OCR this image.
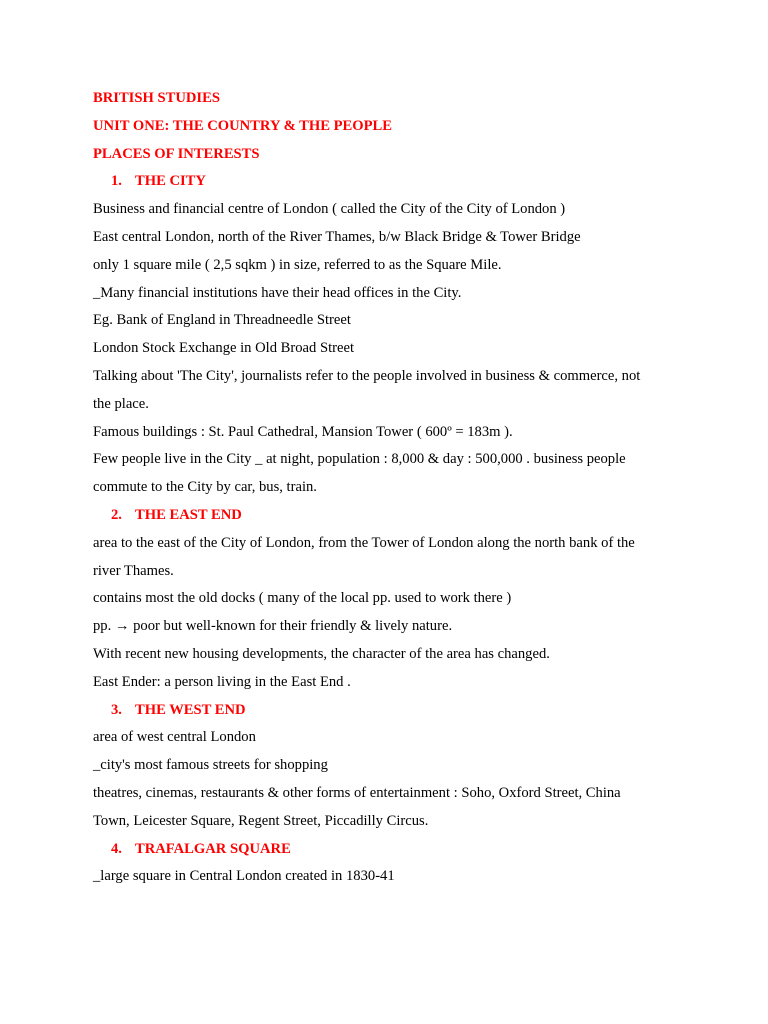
BRITISH STUDIES
UNIT ONE: THE COUNTRY & THE PEOPLE
PLACES OF INTERESTS
1. THE CITY
Business and financial centre of London ( called the City of the City of London )
East central London, north of the River Thames, b/w Black Bridge & Tower Bridge
only 1 square mile ( 2,5 sqkm ) in size, referred to as the Square Mile.
_Many financial institutions have their head offices in the City.
Eg. Bank of England in Threadneedle Street
London Stock Exchange in Old Broad Street
Talking about 'The City', journalists refer to the people involved in business & commerce, not
the place.
Famous buildings : St. Paul Cathedral, Mansion Tower ( 600º = 183m ).
Few people live in the City _ at night, population : 8,000 & day : 500,000 . business people
commute to the City by car, bus, train.
2. THE EAST END
area to the east of the City of London, from the Tower of London along the north bank of the
river Thames.
contains most the old docks ( many of the local pp. used to work there )
pp. → poor but well-known for their friendly & lively nature.
With recent new housing developments, the character of the area has changed.
East Ender: a person living in the East End .
3. THE WEST END
area of west central London
_city's most famous streets for shopping
theatres, cinemas, restaurants & other forms of entertainment : Soho, Oxford Street, China
Town, Leicester Square, Regent Street, Piccadilly Circus.
4. TRAFALGAR SQUARE
_large square in Central London created in 1830-41
